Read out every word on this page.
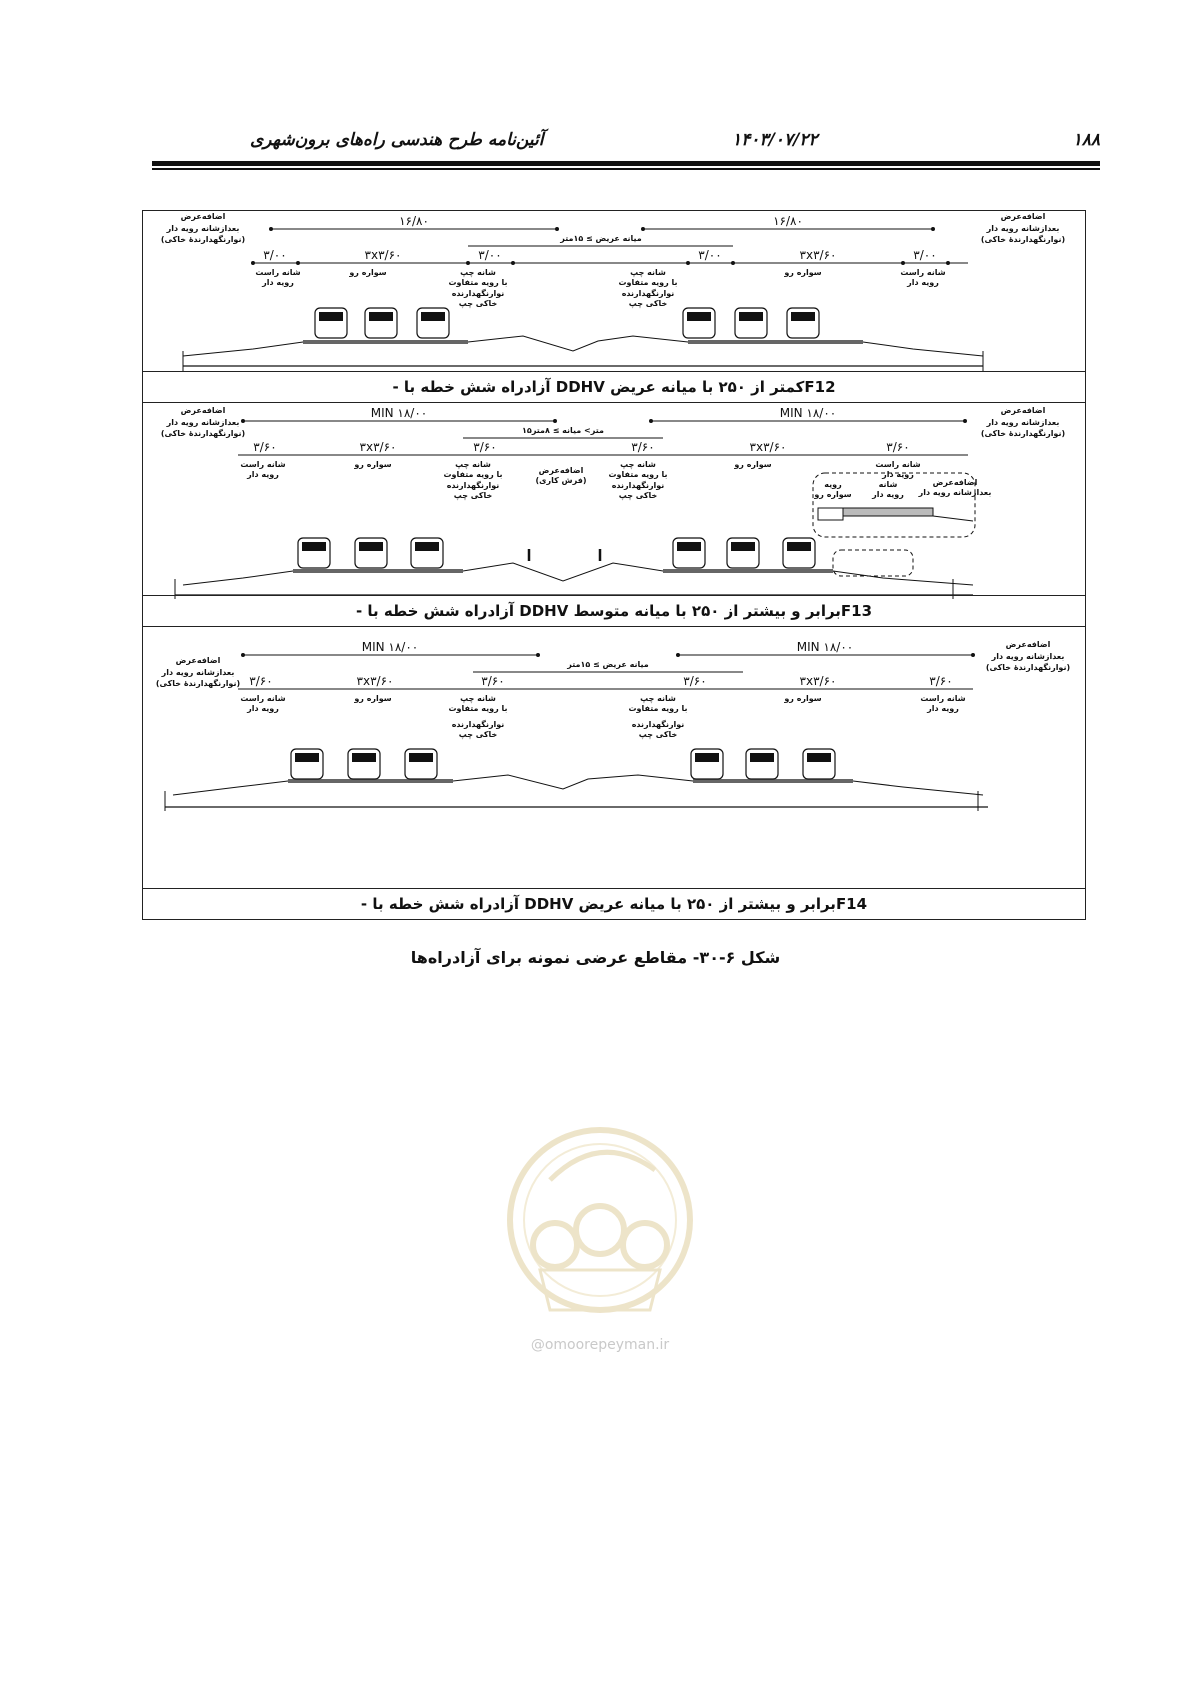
۱۸۸
۱۴۰۳/۰۷/۲۲
آئین‌نامه طرح هندسی راه‌های برون‌شهری
۱۶/۸۰	۱۶/۸۰
میانه عریض ≥ ۱۵متر
۳/۰۰	۳x۳/۶۰	۳/۰۰	۳/۰۰	۳x۳/۶۰	۳/۰۰
اضافه‌عرض
بعدازشانه رویه دار
(نوارنگهدارندهٔ خاکی)
اضافه‌عرض
بعدازشانه رویه دار
(نوارنگهدارندهٔ خاکی)
شانه راست
رویه دار
سواره رو	شانه چپ
با رویه متفاوت
نوارنگهدارنده
خاکی چپ
شانه چپ
با رویه متفاوت
نوارنگهدارنده
خاکی چپ
سواره رو	شانه راست
رویه دار
- آزادراه شش خطه با DDHV کمتر از ۲۵۰ با میانه عریض F12
MIN ۱۸/۰۰	MIN ۱۸/۰۰
۱۵متر> میانه ≥ ۸متر
۳/۶۰	۳x۳/۶۰	۳/۶۰	۳/۶۰	۳x۳/۶۰	۳/۶۰
اضافه‌عرض
بعدازشانه رویه دار
(نوارنگهدارندهٔ خاکی)
اضافه‌عرض
بعدازشانه رویه دار
(نوارنگهدارندهٔ خاکی)
شانه راست
رویه دار
سواره رو	شانه چپ
با رویه متفاوت
نوارنگهدارنده
خاکی چپ
اضافه‌عرض
(فرش کاری)
شانه چپ
با رویه متفاوت
نوارنگهدارنده
خاکی چپ
سواره رو	شانه راست
رویه دار
اضافه‌عرض
بعدازشانه رویه دار
شانه
رویه دار
رویه
سواره رو
- آزادراه شش خطه با DDHV برابر و بیشتر از ۲۵۰ با میانه متوسط F13
MIN ۱۸/۰۰	MIN ۱۸/۰۰
میانه عریض ≥ ۱۵متر
۳/۶۰	۳x۳/۶۰	۳/۶۰	۳/۶۰	۳x۳/۶۰	۳/۶۰
اضافه‌عرض
بعدازشانه رویه دار
(نوارنگهدارندهٔ خاکی)
اضافه‌عرض
بعدازشانه رویه دار
(نوارنگهدارندهٔ خاکی)
شانه راست
رویه دار
سواره رو	شانه چپ
با رویه متفاوت
نوارنگهدارنده
خاکی چپ
شانه چپ
با رویه متفاوت
نوارنگهدارنده
خاکی چپ
سواره رو	شانه راست
رویه دار
- آزادراه شش خطه با DDHV برابر و بیشتر از ۲۵۰ با میانه عریض F14
شکل ۶-۳۰- مقاطع عرضی نمونه برای آزادراه‌ها
@omoorepeyman.ir
